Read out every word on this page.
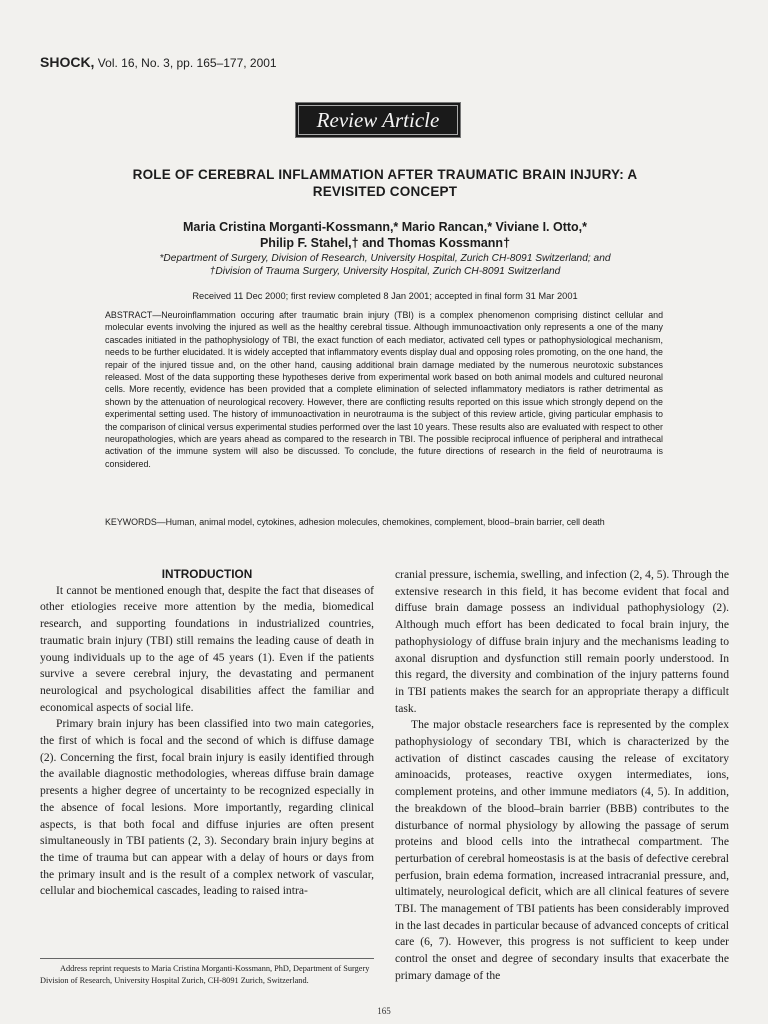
SHOCK, Vol. 16, No. 3, pp. 165–177, 2001
Review Article
ROLE OF CEREBRAL INFLAMMATION AFTER TRAUMATIC BRAIN INJURY: A REVISITED CONCEPT
Maria Cristina Morganti-Kossmann,* Mario Rancan,* Viviane I. Otto,*
Philip F. Stahel,† and Thomas Kossmann†
*Department of Surgery, Division of Research, University Hospital, Zurich CH-8091 Switzerland; and
†Division of Trauma Surgery, University Hospital, Zurich CH-8091 Switzerland
Received 11 Dec 2000; first review completed 8 Jan 2001; accepted in final form 31 Mar 2001

ABSTRACT—Neuroinflammation occuring after traumatic brain injury (TBI) is a complex phenomenon comprising distinct cellular and molecular events involving the injured as well as the healthy cerebral tissue. Although immunoactivation only represents a one of the many cascades initiated in the pathophysiology of TBI, the exact function of each mediator, activated cell types or pathophysiological mechanism, needs to be further elucidated. It is widely accepted that inflammatory events display dual and opposing roles promoting, on the one hand, the repair of the injured tissue and, on the other hand, causing additional brain damage mediated by the numerous neurotoxic substances released. Most of the data supporting these hypotheses derive from experimental work based on both animal models and cultured neuronal cells. More recently, evidence has been provided that a complete elimination of selected inflammatory mediators is rather detrimental as shown by the attenuation of neurological recovery. However, there are conflicting results reported on this issue which strongly depend on the experimental setting used. The history of immunoactivation in neurotrauma is the subject of this review article, giving particular emphasis to the comparison of clinical versus experimental studies performed over the last 10 years. These results also are evaluated with respect to other neuropathologies, which are years ahead as compared to the research in TBI. The possible reciprocal influence of peripheral and intrathecal activation of the immune system will also be discussed. To conclude, the future directions of research in the field of neurotrauma is considered.

KEYWORDS—Human, animal model, cytokines, adhesion molecules, chemokines, complement, blood–brain barrier, cell death

INTRODUCTION

It cannot be mentioned enough that, despite the fact that diseases of other etiologies receive more attention by the media, biomedical research, and supporting foundations in industrialized countries, traumatic brain injury (TBI) still remains the leading cause of death in young individuals up to the age of 45 years (1). Even if the patients survive a severe cerebral injury, the devastating and permanent neurological and psychological disabilities affect the familiar and economical aspects of social life.

Primary brain injury has been classified into two main categories, the first of which is focal and the second of which is diffuse damage (2). Concerning the first, focal brain injury is easily identified through the available diagnostic methodologies, whereas diffuse brain damage presents a higher degree of uncertainty to be recognized especially in the absence of focal lesions. More importantly, regarding clinical aspects, is that both focal and diffuse injuries are often present simultaneously in TBI patients (2, 3). Secondary brain injury begins at the time of trauma but can appear with a delay of hours or days from the primary insult and is the result of a complex network of vascular, cellular and biochemical cascades, leading to raised intra-

cranial pressure, ischemia, swelling, and infection (2, 4, 5). Through the extensive research in this field, it has become evident that focal and diffuse brain damage possess an individual pathophysiology (2). Although much effort has been dedicated to focal brain injury, the pathophysiology of diffuse brain injury and the mechanisms leading to axonal disruption and dysfunction still remain poorly understood. In this regard, the diversity and combination of the injury patterns found in TBI patients makes the search for an appropriate therapy a difficult task.

The major obstacle researchers face is represented by the complex pathophysiology of secondary TBI, which is characterized by the activation of distinct cascades causing the release of excitatory aminoacids, proteases, reactive oxygen intermediates, ions, complement proteins, and other immune mediators (4, 5). In addition, the breakdown of the blood–brain barrier (BBB) contributes to the disturbance of normal physiology by allowing the passage of serum proteins and blood cells into the intrathecal compartment. The perturbation of cerebral homeostasis is at the basis of defective cerebral perfusion, brain edema formation, increased intracranial pressure, and, ultimately, neurological deficit, which are all clinical features of severe TBI. The management of TBI patients has been considerably improved in the last decades in particular because of advanced concepts of critical care (6, 7). However, this progress is not sufficient to keep under control the onset and degree of secondary insults that exacerbate the primary damage of the

Address reprint requests to Maria Cristina Morganti-Kossmann, PhD, Department of Surgery Division of Research, University Hospital Zurich, CH-8091 Zurich, Switzerland.

165
